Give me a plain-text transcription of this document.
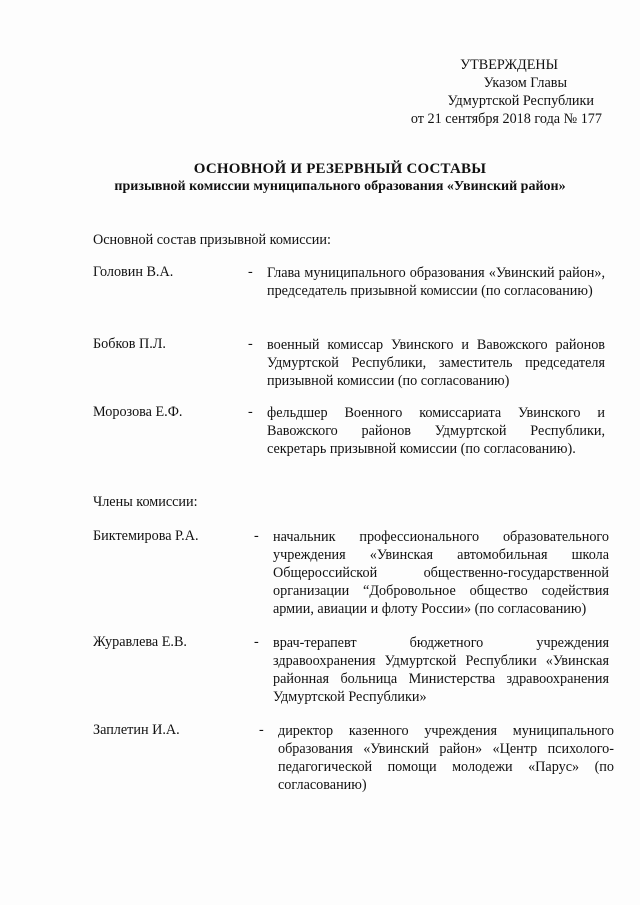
УТВЕРЖДЕНЫ
Указом Главы
Удмуртской Республики
от 21 сентября 2018 года № 177
ОСНОВНОЙ И РЕЗЕРВНЫЙ СОСТАВЫ
призывной комиссии муниципального образования «Увинский район»
Основной состав призывной комиссии:
Головин В.А.	- Глава муниципального образования «Увинский район», председатель призывной комиссии (по согласованию)
Бобков П.Л.	- военный комиссар Увинского и Вавожского районов Удмуртской Республики, заместитель председателя призывной комиссии (по согласованию)
Морозова Е.Ф.	- фельдшер Военного комиссариата Увинского и Вавожского районов Удмуртской Республики, секретарь призывной комиссии (по согласованию).
Члены комиссии:
Биктемирова Р.А.	- начальник профессионального образовательного учреждения «Увинская автомобильная школа Общероссийской общественно-государственной организации “Добровольное общество содействия армии, авиации и флоту России» (по согласованию)
Журавлева Е.В.	- врач-терапевт бюджетного учреждения здравоохранения Удмуртской Республики «Увинская районная больница Министерства здравоохранения Удмуртской Республики»
Заплетин И.А.	- директор казенного учреждения муниципального образования «Увинский район» «Центр психолого-педагогической помощи молодежи «Парус» (по согласованию)
